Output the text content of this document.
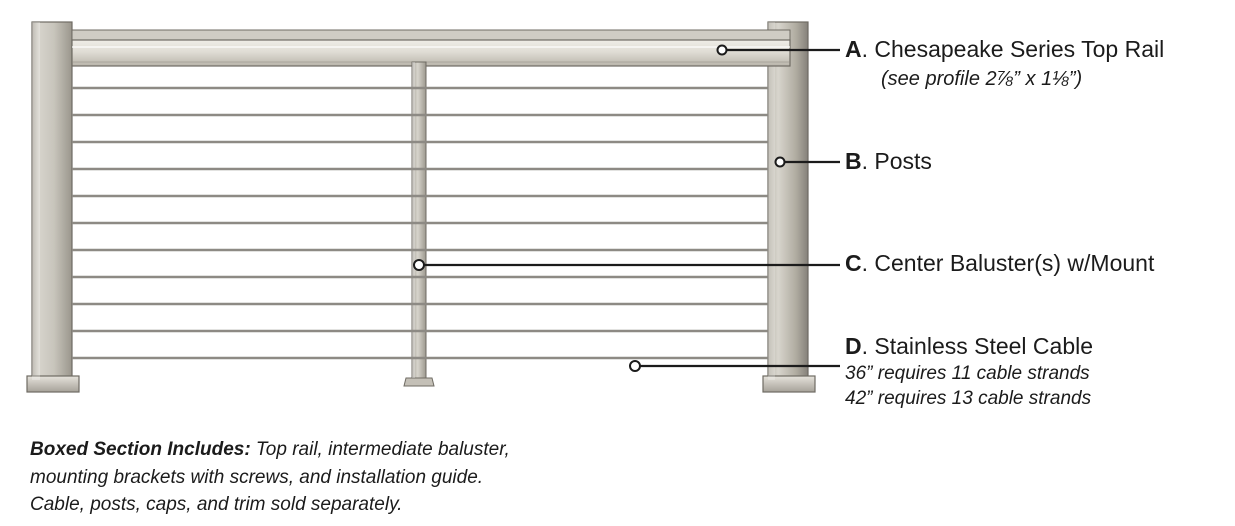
A. Chesapeake Series Top Rail
(see profile 2⅞” x 1⅛”)
B. Posts
C. Center Baluster(s) w/Mount
D. Stainless Steel Cable
36” requires 11 cable strands
42” requires 13 cable strands
Boxed Section Includes: Top rail, intermediate baluster,
mounting brackets with screws, and installation guide.
Cable, posts, caps, and trim sold separately.
